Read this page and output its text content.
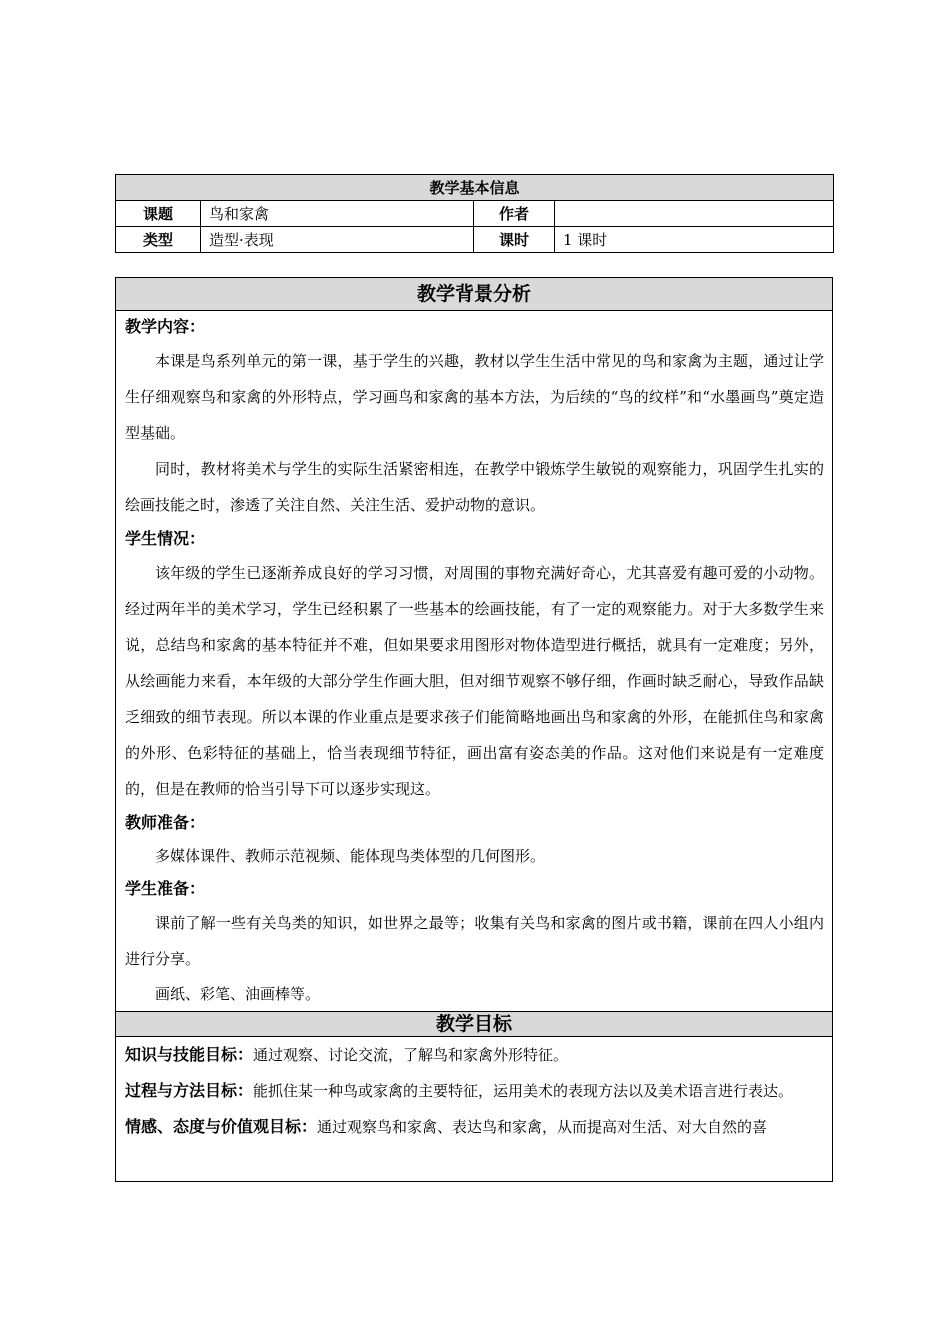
教学基本信息			
课题	鸟和家禽	作者	
类型	造型·表现	课时	1 课时
教学背景分析
教学内容：

本课是鸟系列单元的第一课，基于学生的兴趣，教材以学生生活中常见的鸟和家禽为主题，通过让学生仔细观察鸟和家禽的外形特点，学习画鸟和家禽的基本方法，为后续的“鸟的纹样”和“水墨画鸟”奠定造型基础。

同时，教材将美术与学生的实际生活紧密相连，在教学中锻炼学生敏锐的观察能力，巩固学生扎实的绘画技能之时，渗透了关注自然、关注生活、爱护动物的意识。

学生情况：

该年级的学生已逐渐养成良好的学习习惯，对周围的事物充满好奇心，尤其喜爱有趣可爱的小动物。经过两年半的美术学习，学生已经积累了一些基本的绘画技能，有了一定的观察能力。对于大多数学生来说，总结鸟和家禽的基本特征并不难，但如果要求用图形对物体造型进行概括，就具有一定难度；另外，从绘画能力来看，本年级的大部分学生作画大胆，但对细节观察不够仔细，作画时缺乏耐心，导致作品缺乏细致的细节表现。所以本课的作业重点是要求孩子们能简略地画出鸟和家禽的外形，在能抓住鸟和家禽的外形、色彩特征的基础上，恰当表现细节特征，画出富有姿态美的作品。这对他们来说是有一定难度的，但是在教师的恰当引导下可以逐步实现这。

教师准备：

多媒体课件、教师示范视频、能体现鸟类体型的几何图形。

学生准备：

课前了解一些有关鸟类的知识，如世界之最等；收集有关鸟和家禽的图片或书籍，课前在四人小组内进行分享。

画纸、彩笔、油画棒等。

教学目标

知识与技能目标：通过观察、讨论交流，了解鸟和家禽外形特征。

过程与方法目标：能抓住某一种鸟或家禽的主要特征，运用美术的表现方法以及美术语言进行表达。

情感、态度与价值观目标：通过观察鸟和家禽、表达鸟和家禽，从而提高对生活、对大自然的喜
